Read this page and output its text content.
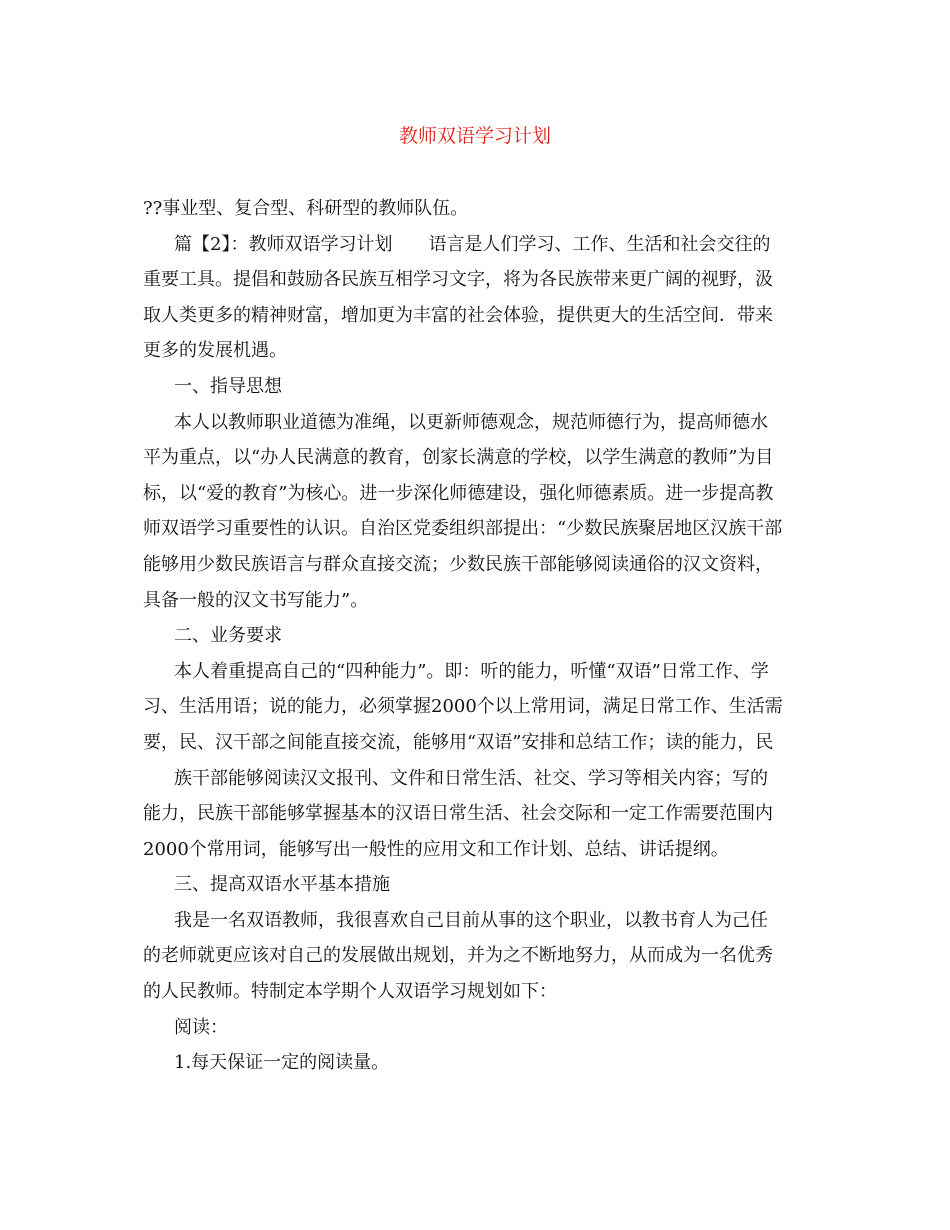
教师双语学习计划
??事业型、复合型、科研型的教师队伍。
篇【2】：教师双语学习计划　　语言是人们学习、工作、生活和社会交往的
重要工具。提倡和鼓励各民族互相学习文字，将为各民族带来更广阔的视野，汲
取人类更多的精神财富，增加更为丰富的社会体验，提供更大的生活空间．带来
更多的发展机遇。
一、指导思想
本人以教师职业道德为准绳，以更新师德观念，规范师德行为，提高师德水
平为重点，以“办人民满意的教育，创家长满意的学校，以学生满意的教师”为目
标，以“爱的教育”为核心。进一步深化师德建设，强化师德素质。进一步提高教
师双语学习重要性的认识。自治区党委组织部提出：“少数民族聚居地区汉族干部
能够用少数民族语言与群众直接交流；少数民族干部能够阅读通俗的汉文资料，
具备一般的汉文书写能力”。
二、业务要求
本人着重提高自己的“四种能力”。即：听的能力，听懂“双语”日常工作、学
习、生活用语；说的能力，必须掌握2000个以上常用词，满足日常工作、生活需
要，民、汉干部之间能直接交流，能够用“双语”安排和总结工作；读的能力，民
族干部能够阅读汉文报刊、文件和日常生活、社交、学习等相关内容；写的
能力，民族干部能够掌握基本的汉语日常生活、社会交际和一定工作需要范围内
2000个常用词，能够写出一般性的应用文和工作计划、总结、讲话提纲。
三、提高双语水平基本措施
我是一名双语教师，我很喜欢自己目前从事的这个职业，以教书育人为己任
的老师就更应该对自己的发展做出规划，并为之不断地努力，从而成为一名优秀
的人民教师。特制定本学期个人双语学习规划如下：
阅读：
1.每天保证一定的阅读量。
